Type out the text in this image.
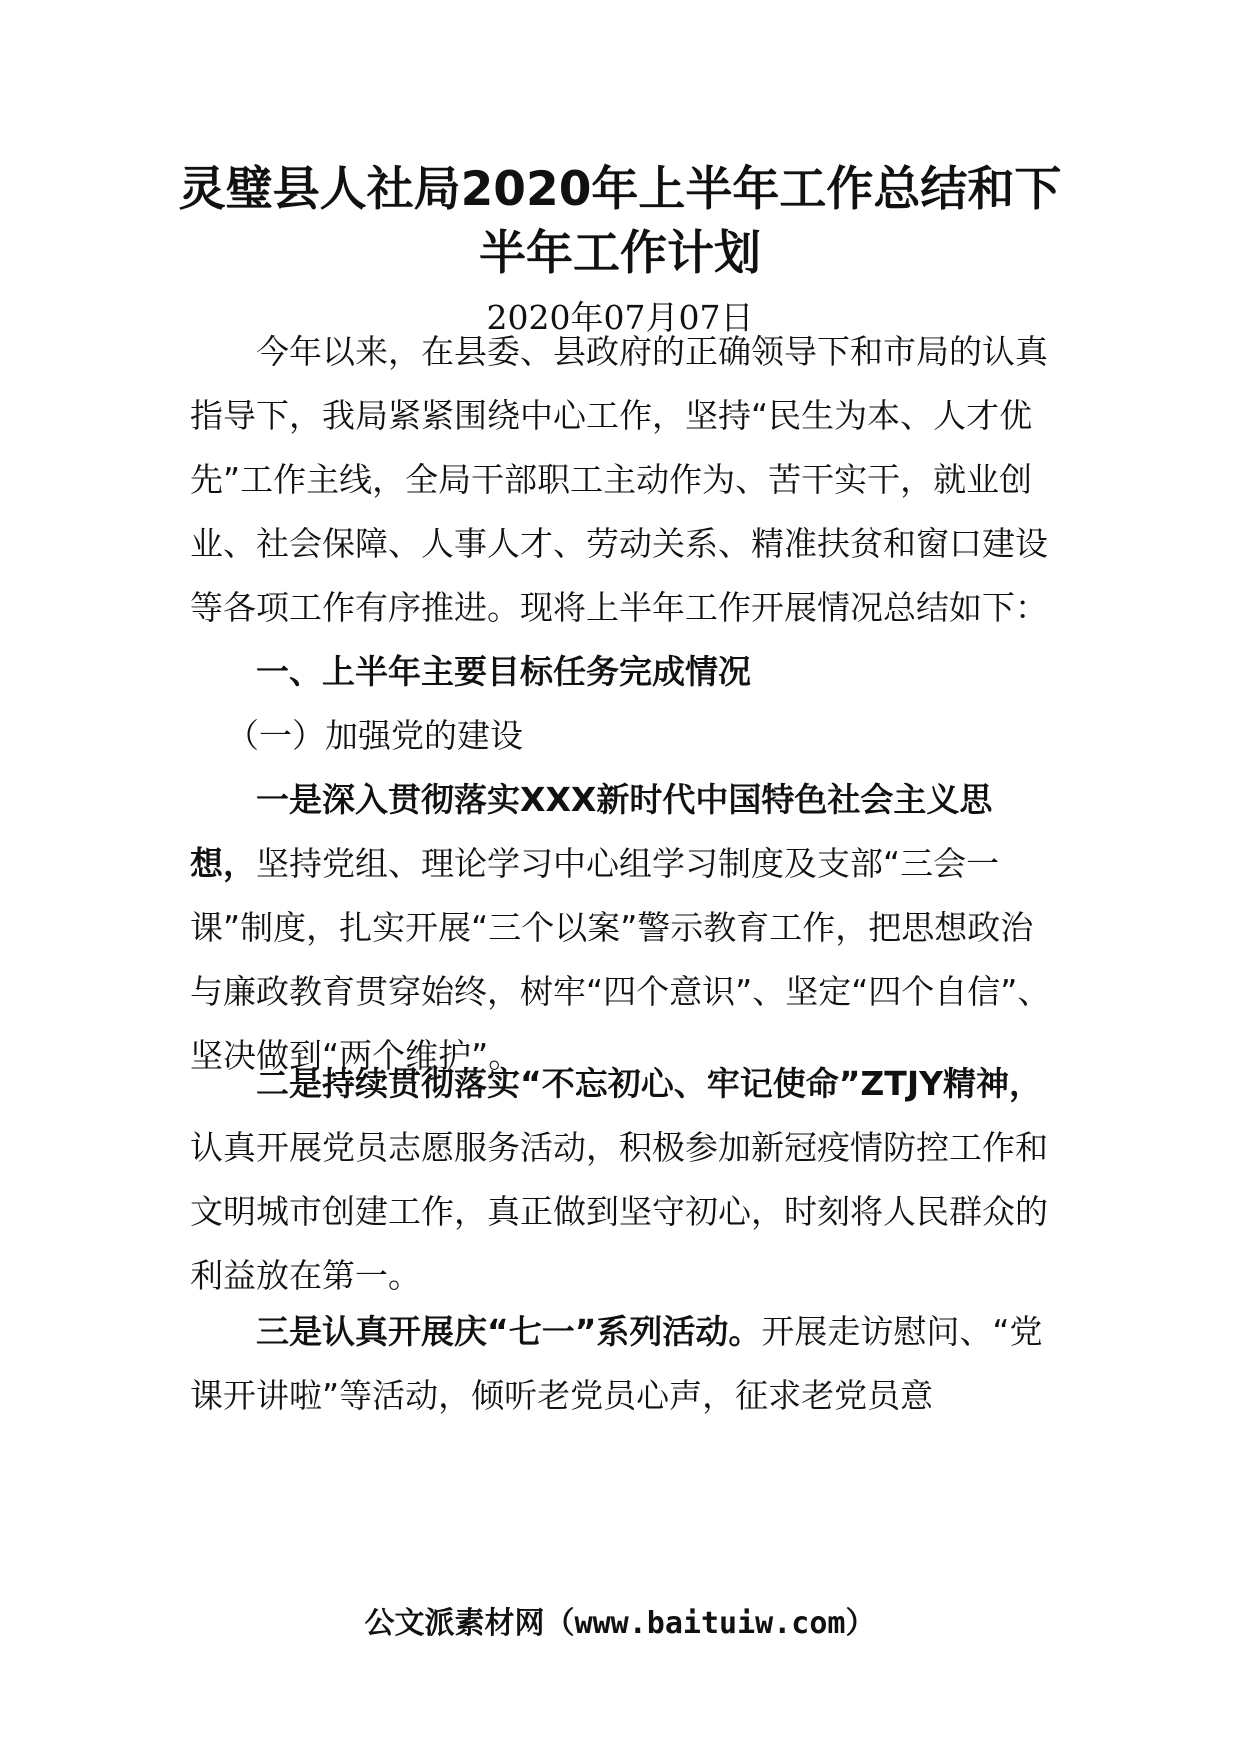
灵璧县人社局2020年上半年工作总结和下半年工作计划
2020年07月07日

今年以来，在县委、县政府的正确领导下和市局的认真指导下，我局紧紧围绕中心工作，坚持“民生为本、人才优先”工作主线，全局干部职工主动作为、苦干实干，就业创业、社会保障、人事人才、劳动关系、精准扶贫和窗口建设等各项工作有序推进。现将上半年工作开展情况总结如下：

一、上半年主要目标任务完成情况

（一）加强党的建设

一是深入贯彻落实XXX新时代中国特色社会主义思想，坚持党组、理论学习中心组学习制度及支部“三会一课”制度，扎实开展“三个以案”警示教育工作，把思想政治与廉政教育贯穿始终，树牢“四个意识”、坚定“四个自信”、坚决做到“两个维护”。

二是持续贯彻落实“不忘初心、牢记使命”ZTJY精神，认真开展党员志愿服务活动，积极参加新冠疫情防控工作和文明城市创建工作，真正做到坚守初心，时刻将人民群众的利益放在第一。

三是认真开展庆“七一”系列活动。开展走访慰问、“党课开讲啦”等活动，倾听老党员心声，征求老党员意

公文派素材网（www.baituiw.com）
